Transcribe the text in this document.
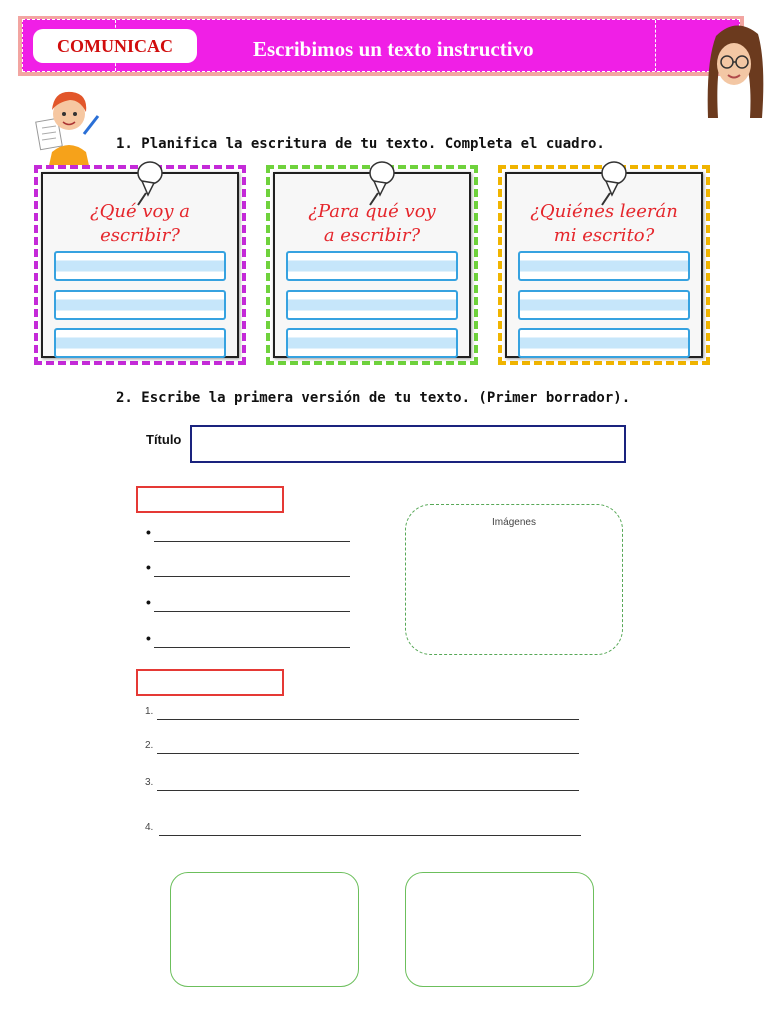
COMUNICAC	Escribimos un texto instructivo
1. Planifica la escritura de tu texto. Completa el cuadro.
¿Qué voy a
escribir?
¿Para qué voy
a escribir?
¿Quiénes leerán
mi escrito?
2. Escribe la primera versión de tu texto. (Primer borrador).
Título
•
•
•
•
Imágenes
1.
2.
3.
4.
